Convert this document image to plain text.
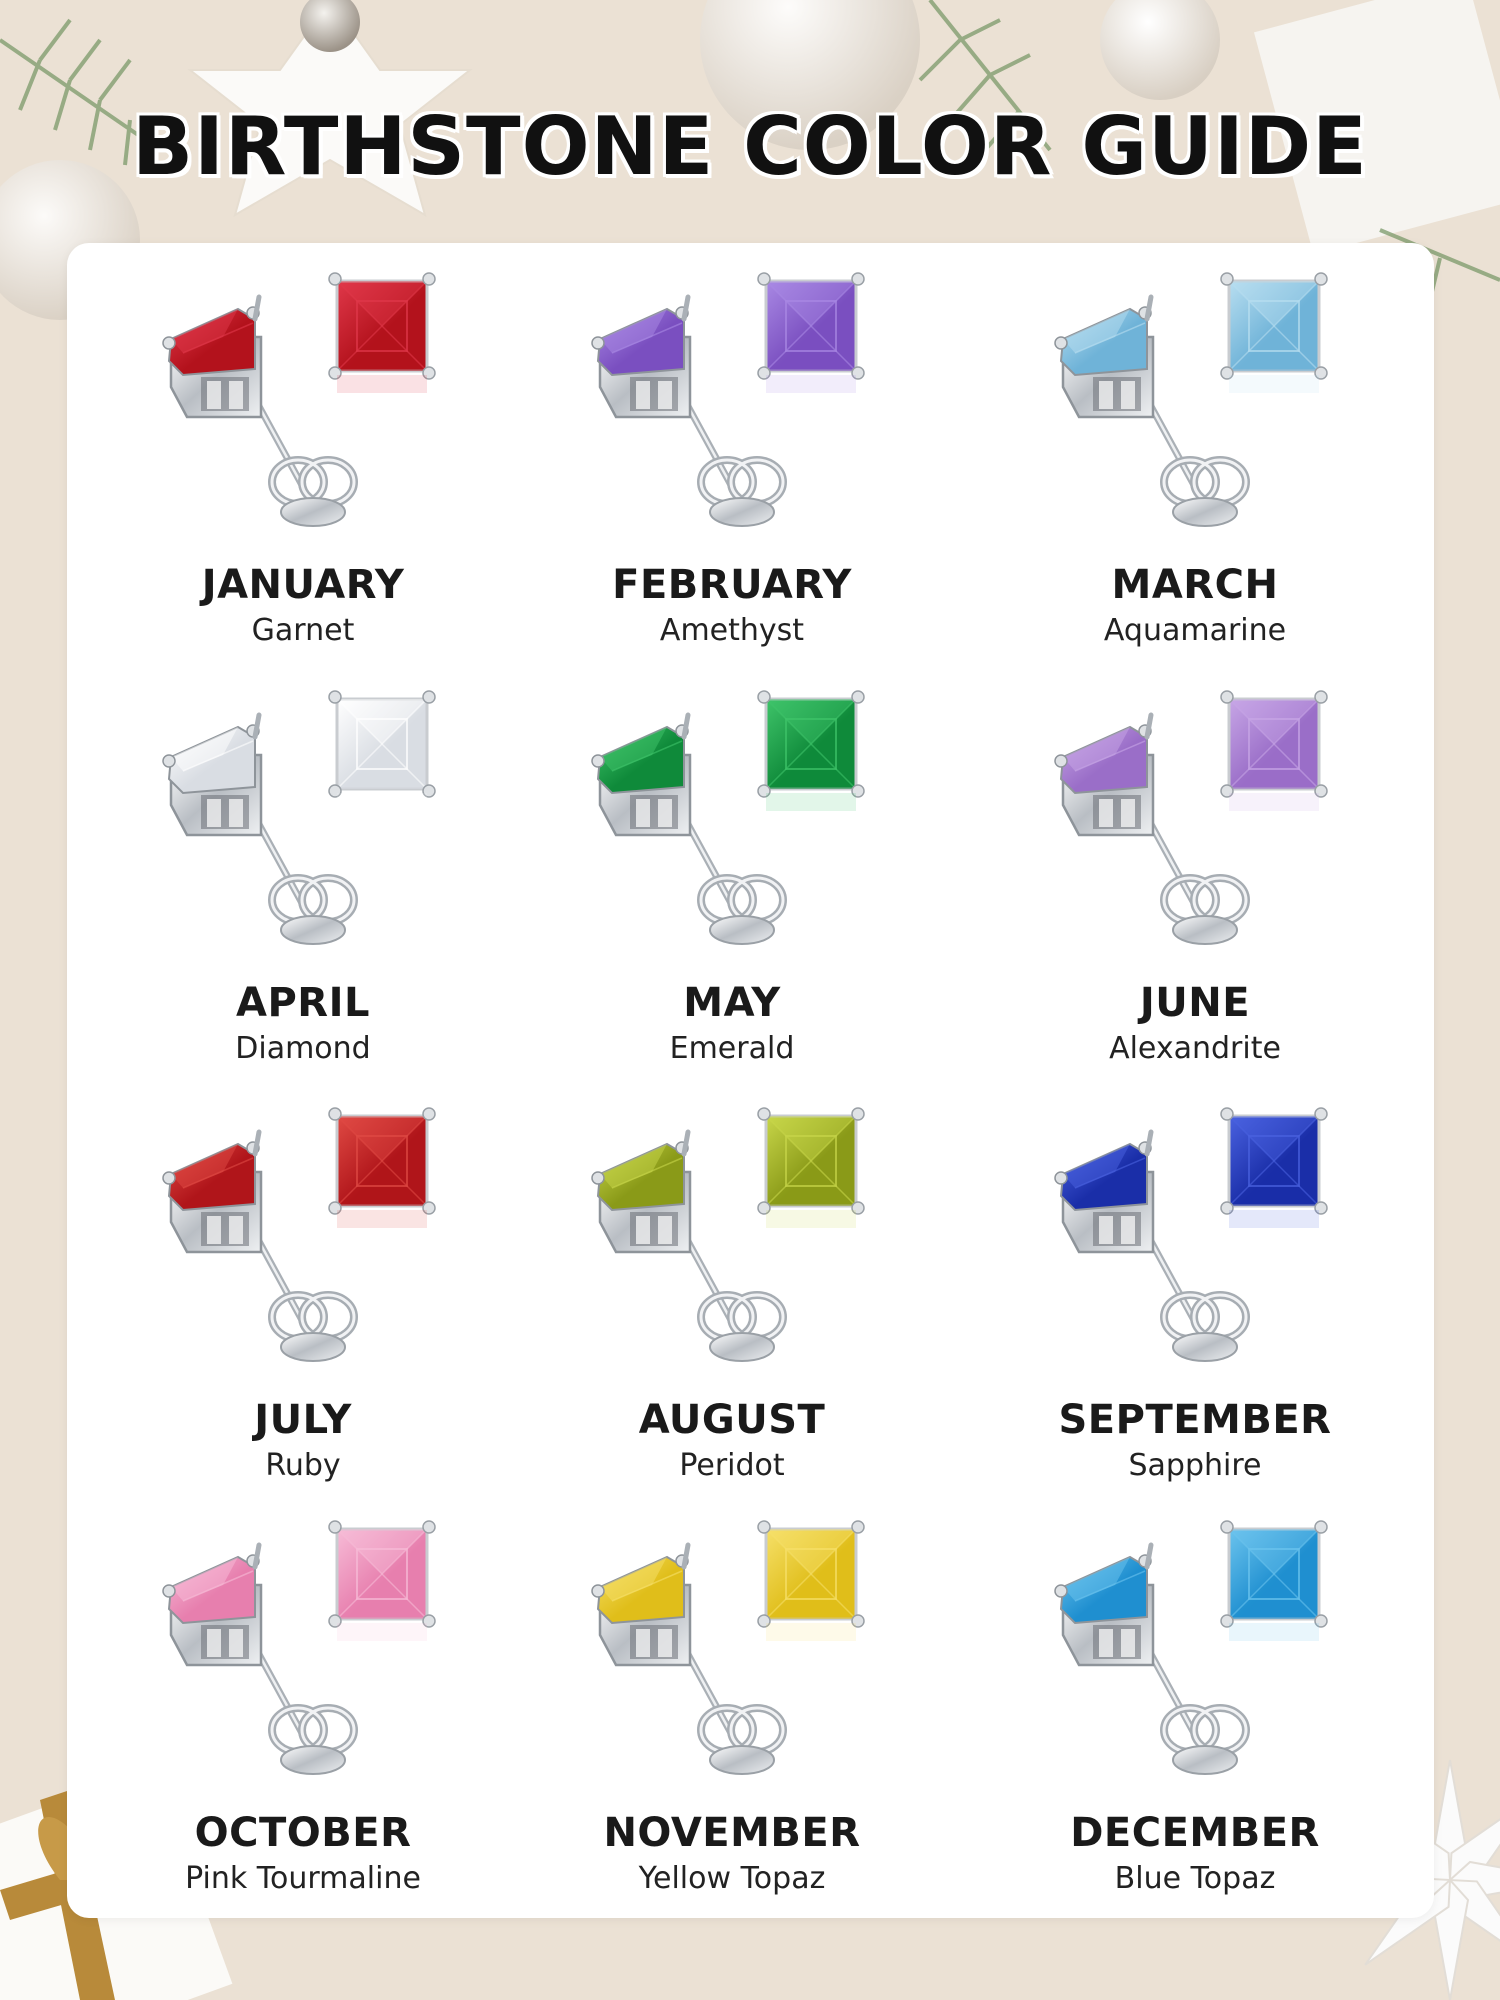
BIRTHSTONE COLOR GUIDE
JANUARY
Garnet
FEBRUARY
Amethyst
MARCH
Aquamarine
APRIL
Diamond
MAY
Emerald
JUNE
Alexandrite
JULY
Ruby
AUGUST
Peridot
SEPTEMBER
Sapphire
OCTOBER
Pink Tourmaline
NOVEMBER
Yellow Topaz
DECEMBER
Blue Topaz
